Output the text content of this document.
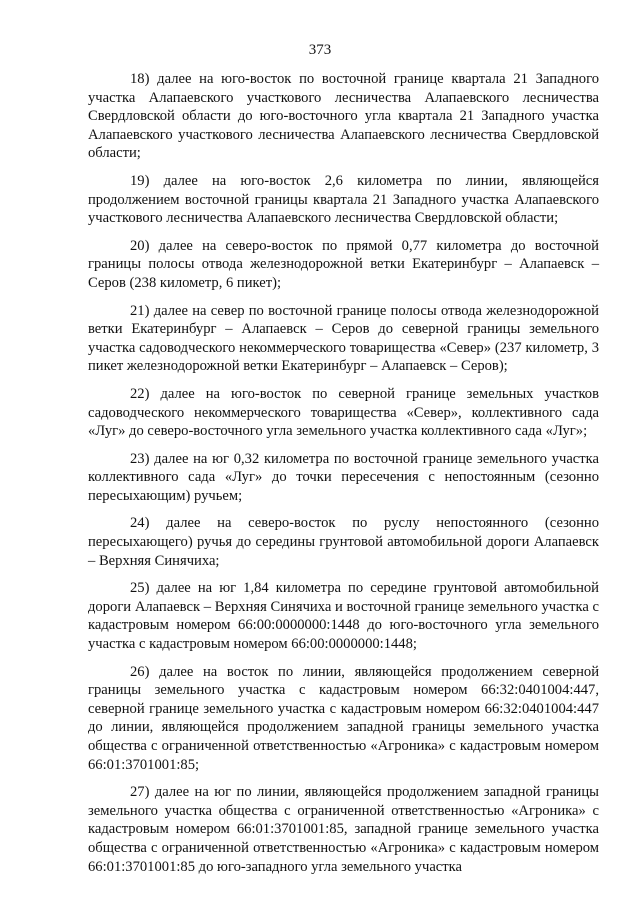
373

18) далее на юго-восток по восточной границе квартала 21 Западного участка Алапаевского участкового лесничества Алапаевского лесничества Свердловской области до юго-восточного угла квартала 21 Западного участка Алапаевского участкового лесничества Алапаевского лесничества Свердловской области;

19) далее на юго-восток 2,6 километра по линии, являющейся продолжением восточной границы квартала 21 Западного участка Алапаевского участкового лесничества Алапаевского лесничества Свердловской области;

20) далее на северо-восток по прямой 0,77 километра до восточной границы полосы отвода железнодорожной ветки Екатеринбург – Алапаевск – Серов (238 километр, 6 пикет);

21) далее на север по восточной границе полосы отвода железнодорожной ветки Екатеринбург – Алапаевск – Серов до северной границы земельного участка садоводческого некоммерческого товарищества «Север» (237 километр, 3 пикет железнодорожной ветки Екатеринбург – Алапаевск – Серов);

22) далее на юго-восток по северной границе земельных участков садоводческого некоммерческого товарищества «Север», коллективного сада «Луг» до северо-восточного угла земельного участка коллективного сада «Луг»;

23) далее на юг 0,32 километра по восточной границе земельного участка коллективного сада «Луг» до точки пересечения с непостоянным (сезонно пересыхающим) ручьем;

24) далее на северо-восток по руслу непостоянного (сезонно пересыхающего) ручья до середины грунтовой автомобильной дороги Алапаевск – Верхняя Синячиха;

25) далее на юг 1,84 километра по середине грунтовой автомобильной дороги Алапаевск – Верхняя Синячиха и восточной границе земельного участка с кадастровым номером 66:00:0000000:1448 до юго-восточного угла земельного участка с кадастровым номером 66:00:0000000:1448;

26) далее на восток по линии, являющейся продолжением северной границы земельного участка с кадастровым номером 66:32:0401004:447, северной границе земельного участка с кадастровым номером 66:32:0401004:447 до линии, являющейся продолжением западной границы земельного участка общества с ограниченной ответственностью «Агроника» с кадастровым номером 66:01:3701001:85;

27) далее на юг по линии, являющейся продолжением западной границы земельного участка общества с ограниченной ответственностью «Агроника» с кадастровым номером 66:01:3701001:85, западной границе земельного участка общества с ограниченной ответственностью «Агроника» с кадастровым номером 66:01:3701001:85 до юго-западного угла земельного участка
